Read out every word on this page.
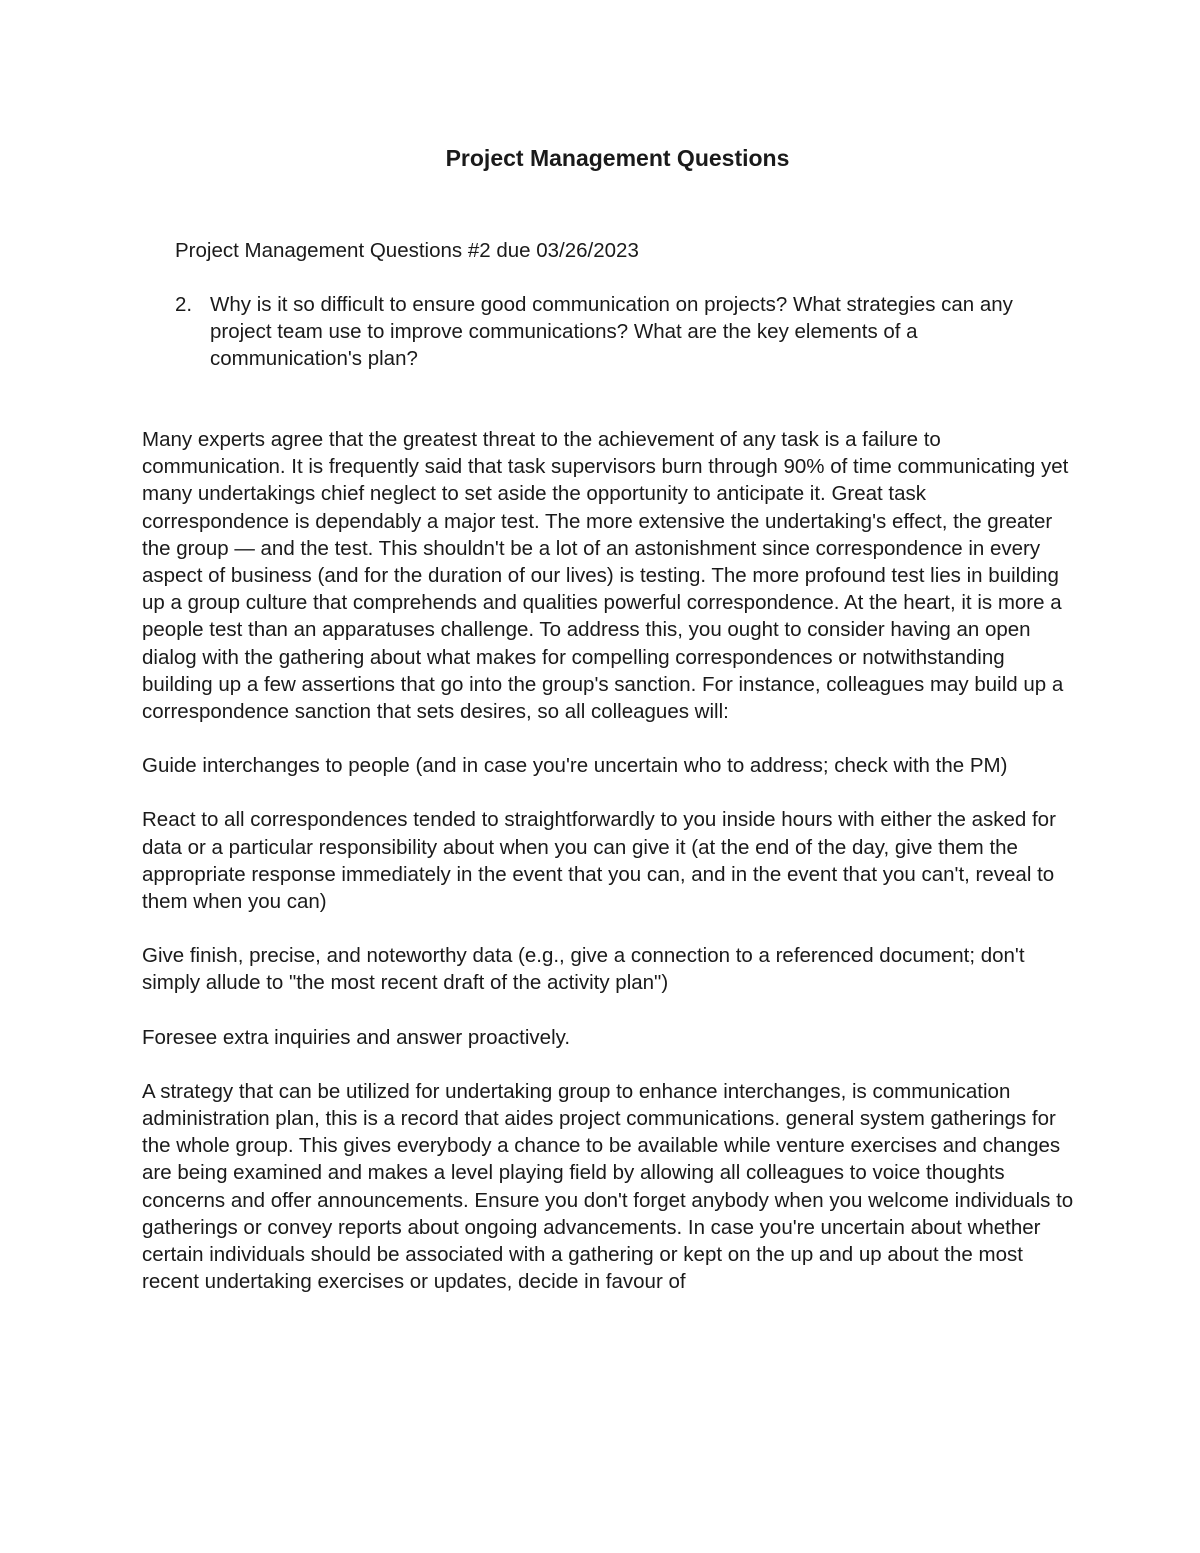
Project Management Questions
Project Management Questions #2 due 03/26/2023
2. Why is it so difficult to ensure good communication on projects? What strategies can any project team use to improve communications? What are the key elements of a communication's plan?

Many experts agree that the greatest threat to the achievement of any task is a failure to communication. It is frequently said that task supervisors burn through 90% of time communicating yet many undertakings chief neglect to set aside the opportunity to anticipate it. Great task correspondence is dependably a major test. The more extensive the undertaking's effect, the greater the group — and the test. This shouldn't be a lot of an astonishment since correspondence in every aspect of business (and for the duration of our lives) is testing. The more profound test lies in building up a group culture that comprehends and qualities powerful correspondence. At the heart, it is more a people test than an apparatuses challenge. To address this, you ought to consider having an open dialog with the gathering about what makes for compelling correspondences or notwithstanding building up a few assertions that go into the group's sanction. For instance, colleagues may build up a correspondence sanction that sets desires, so all colleagues will:

Guide interchanges to people (and in case you're uncertain who to address; check with the PM)

React to all correspondences tended to straightforwardly to you inside hours with either the asked for data or a particular responsibility about when you can give it (at the end of the day, give them the appropriate response immediately in the event that you can, and in the event that you can't, reveal to them when you can)

Give finish, precise, and noteworthy data (e.g., give a connection to a referenced document; don't simply allude to "the most recent draft of the activity plan")

Foresee extra inquiries and answer proactively.

A strategy that can be utilized for undertaking group to enhance interchanges, is communication administration plan, this is a record that aides project communications. general system gatherings for the whole group. This gives everybody a chance to be available while venture exercises and changes are being examined and makes a level playing field by allowing all colleagues to voice thoughts concerns and offer announcements. Ensure you don't forget anybody when you welcome individuals to gatherings or convey reports about ongoing advancements. In case you're uncertain about whether certain individuals should be associated with a gathering or kept on the up and up about the most recent undertaking exercises or updates, decide in favour of
